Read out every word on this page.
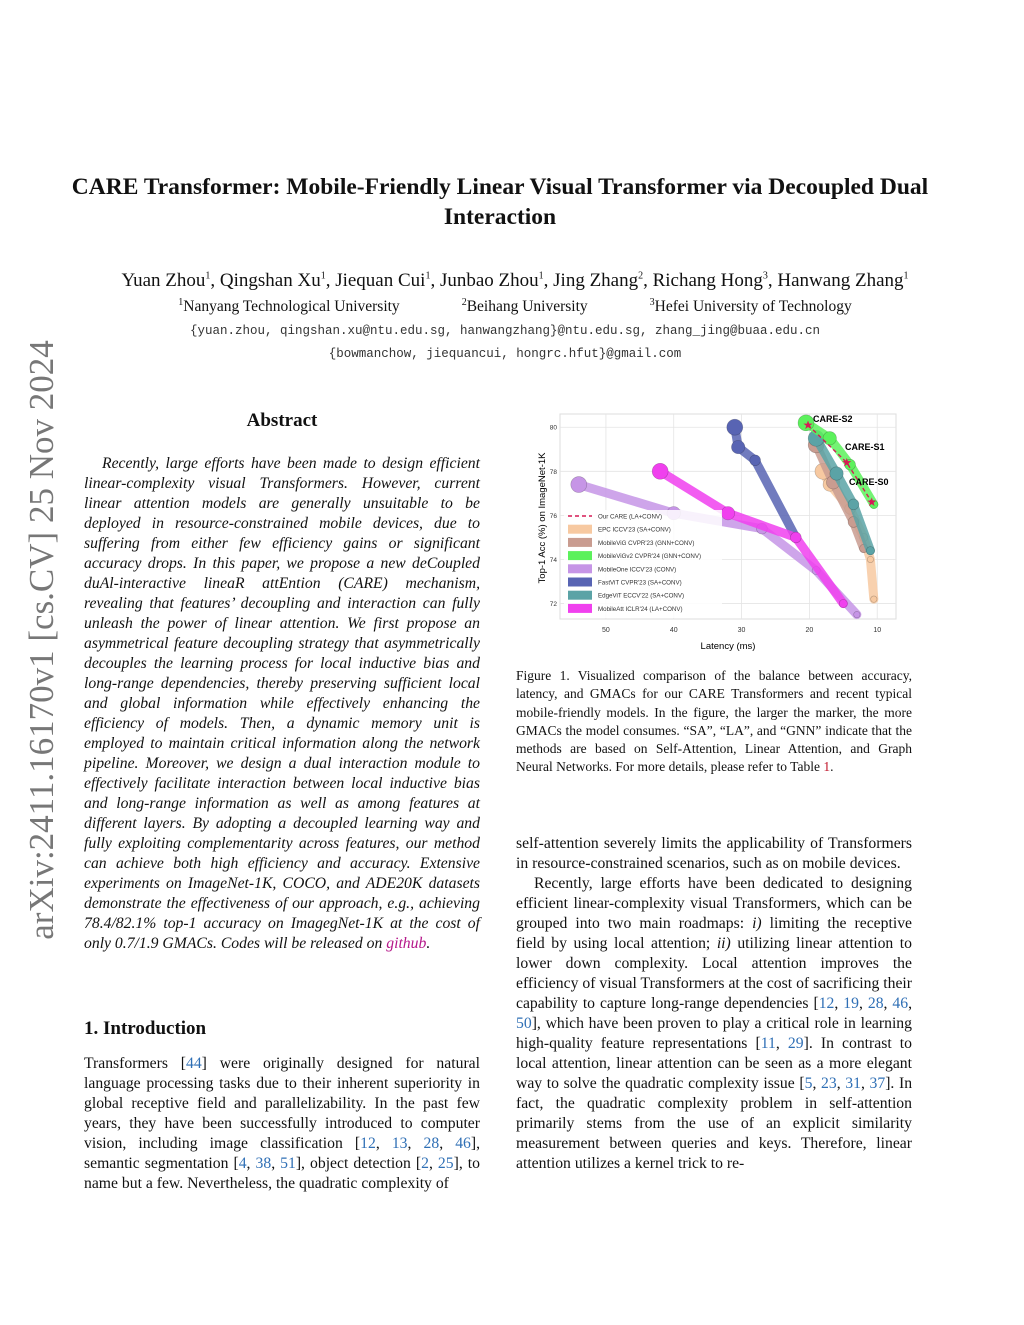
arXiv:2411.16170v1 [cs.CV] 25 Nov 2024
CARE Transformer: Mobile-Friendly Linear Visual Transformer via Decoupled Dual Interaction
Yuan Zhou$^1$, Qingshan Xu$^1$, Jiequan Cui$^1$, Junbao Zhou$^1$, Jing Zhang$^2$, Richang Hong$^3$, Hanwang Zhang$^1$
$^1$Nanyang Technological University	$^2$Beihang University	$^3$Hefei University of Technology
{yuan.zhou, qingshan.xu@ntu.edu.sg, hanwangzhang}@ntu.edu.sg, zhang_jing@buaa.edu.cn
{bowmanchow, jiequancui, hongrc.hfut}@gmail.com
Abstract
Recently, large efforts have been made to design efficient linear-complexity visual Transformers. However, current linear attention models are generally unsuitable to be deployed in resource-constrained mobile devices, due to suffering from either few efficiency gains or significant accuracy drops. In this paper, we propose a new deCoupled duAl-interactive lineaR attEntion (CARE) mechanism, revealing that features’ decoupling and interaction can fully unleash the power of linear attention. We first propose an asymmetrical feature decoupling strategy that asymmetrically decouples the learning process for local inductive bias and long-range dependencies, thereby preserving sufficient local and global information while effectively enhancing the efficiency of models. Then, a dynamic memory unit is employed to maintain critical information along the network pipeline. Moreover, we design a dual interaction module to effectively facilitate interaction between local inductive bias and long-range information as well as among features at different layers. By adopting a decoupled learning way and fully exploiting complementarity across features, our method can achieve both high efficiency and accuracy. Extensive experiments on ImageNet-1K, COCO, and ADE20K datasets demonstrate the effectiveness of our approach, e.g., achieving 78.4/82.1% top-1 accuracy on ImagegNet-1K at the cost of only 0.7/1.9 GMACs. Codes will be released on github.
1. Introduction
Transformers [44] were originally designed for natural language processing tasks due to their inherent superiority in global receptive field and parallelizability. In the past few years, they have been successfully introduced to computer vision, including image classification [12, 13, 28, 46], semantic segmentation [4, 38, 51], object detection [2, 25], to name but a few. Nevertheless, the quadratic complexity of
★
★
★
50	40	30	20	10
72
74
76
78
80
Our CARE (LA+CONV)
EPC ICCV'23 (SA+CONV)
MobileViG CVPR'23 (GNN+CONV)
MobileViGv2 CVPR'24 (GNN+CONV)
MobileOne ICCV'23 (CONV)
FastViT CVPR'23 (SA+CONV)
EdgeViT ECCV'22 (SA+CONV)
MobileAtt ICLR'24 (LA+CONV)
Latency (ms)
Top-1 Acc (%) on ImageNet-1K
CARE-S2
CARE-S1
CARE-S0
Figure 1. Visualized comparison of the balance between accuracy, latency, and GMACs for our CARE Transformers and recent typical mobile-friendly models. In the figure, the larger the marker, the more GMACs the model consumes. “SA”, “LA”, and “GNN” indicate that the methods are based on Self-Attention, Linear Attention, and Graph Neural Networks. For more details, please refer to Table 1.

self-attention severely limits the applicability of Transformers in resource-constrained scenarios, such as on mobile devices.

Recently, large efforts have been dedicated to designing efficient linear-complexity visual Transformers, which can be grouped into two main roadmaps: i) limiting the receptive field by using local attention; ii) utilizing linear attention to lower down complexity. Local attention improves the efficiency of visual Transformers at the cost of sacrificing their capability to capture long-range dependencies [12, 19, 28, 46, 50], which have been proven to play a critical role in learning high-quality feature representations [11, 29]. In contrast to local attention, linear attention can be seen as a more elegant way to solve the quadratic complexity issue [5, 23, 31, 37]. In fact, the quadratic complexity problem in self-attention primarily stems from the use of an explicit similarity measurement between queries and keys. Therefore, linear attention utilizes a kernel trick to re-
